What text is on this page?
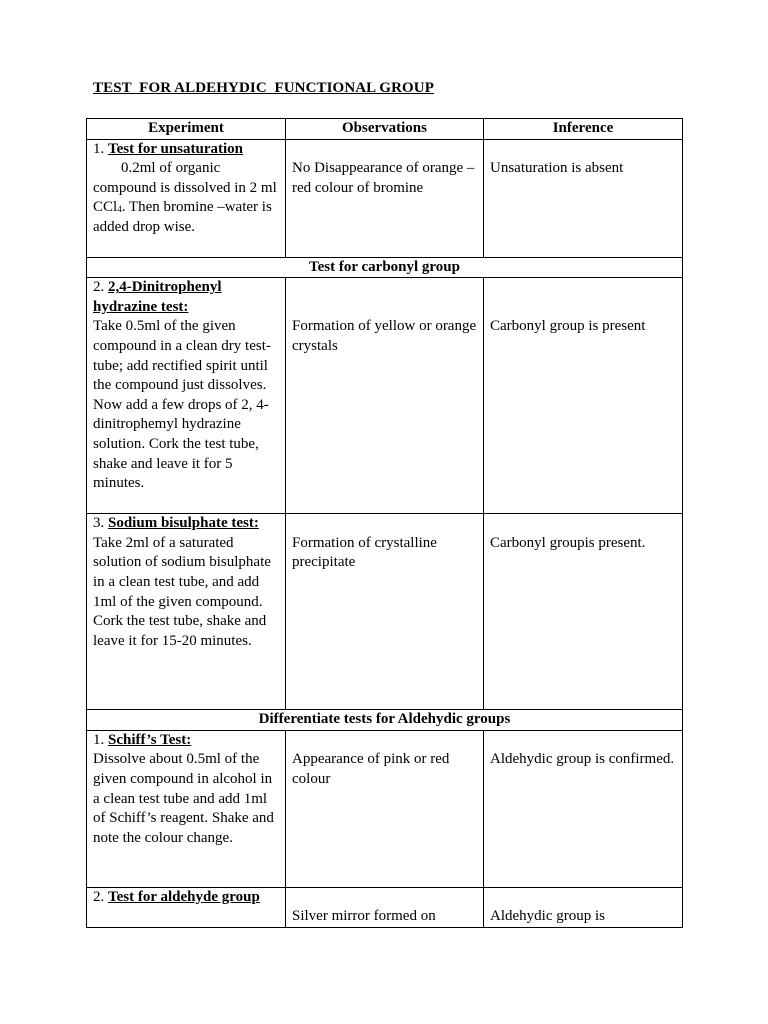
TEST  FOR ALDEHYDIC  FUNCTIONAL GROUP
Experiment	Observations	Inference
1. Test for unsaturation
0.2ml of organic compound is dissolved in 2 ml CCl$_4$. Then bromine –water is added drop wise.	No Disappearance of orange – red colour of bromine	Unsaturation is absent
Test for carbonyl group		
2. 2,4-Dinitrophenyl hydrazine test:
Take 0.5ml of the given compound in a clean dry test-tube; add rectified spirit until the compound just dissolves. Now add a few drops of 2, 4-dinitrophemyl hydrazine solution. Cork the test tube, shake and leave it for 5 minutes.	Formation of yellow or orange crystals	Carbonyl group is present
3. Sodium bisulphate test:
Take 2ml of a saturated solution of sodium bisulphate in a clean test tube, and add 1ml of the given compound. Cork the test tube, shake and leave it for 15-20 minutes.	Formation of crystalline precipitate	Carbonyl groupis present.
Differentiate tests for Aldehydic groups		
1. Schiff’s Test:
Dissolve about 0.5ml of the given compound in alcohol in a clean test tube and add 1ml of Schiff’s reagent. Shake and note the colour change.	Appearance of pink or red colour	Aldehydic group is confirmed.
2. Test for aldehyde group	Silver mirror formed on	Aldehydic group is
